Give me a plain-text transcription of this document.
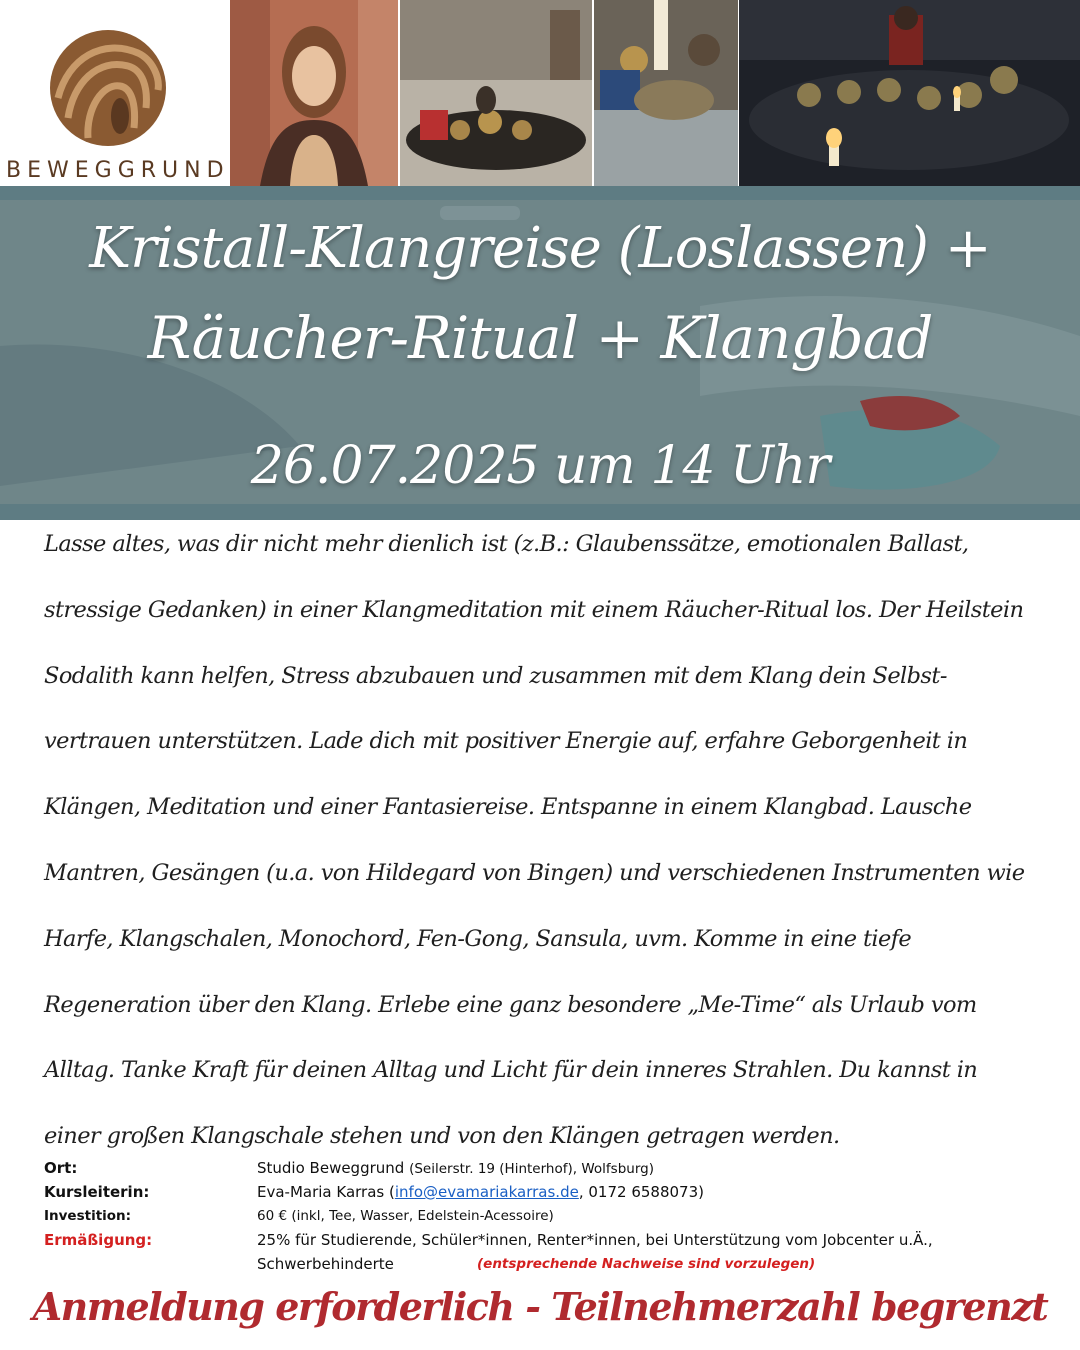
BEWEGGRUND
Kristall-Klangreise (Loslassen) +
Räucher-Ritual + Klangbad
26.07.2025 um 14 Uhr
Lasse altes, was dir nicht mehr dienlich ist (z.B.: Glaubenssätze, emotionalen Ballast,
stressige Gedanken) in einer Klangmeditation mit einem Räucher-Ritual los. Der Heilstein
Sodalith kann helfen, Stress abzubauen und zusammen mit dem Klang dein Selbst-
vertrauen unterstützen. Lade dich mit positiver Energie auf, erfahre Geborgenheit in
Klängen, Meditation und einer Fantasiereise. Entspanne in einem Klangbad. Lausche
Mantren, Gesängen (u.a. von Hildegard von Bingen) und verschiedenen Instrumenten wie
Harfe, Klangschalen, Monochord, Fen-Gong, Sansula, uvm. Komme in eine tiefe
Regeneration über den Klang. Erlebe eine ganz besondere „Me-Time“ als Urlaub vom
Alltag. Tanke Kraft für deinen Alltag und Licht für dein inneres Strahlen. Du kannst in
einer großen Klangschale stehen und von den Klängen getragen werden.
Ort:	Studio Beweggrund (Seilerstr. 19 (Hinterhof), Wolfsburg)
Kursleiterin:	Eva-Maria Karras (info@evamariakarras.de, 0172 6588073)
Investition:	60 € (inkl, Tee, Wasser, Edelstein-Acessoire)
Ermäßigung:	25% für Studierende, Schüler*innen, Renter*innen, bei Unterstützung vom Jobcenter u.Ä.,
Schwerbehinderte	(entsprechende Nachweise sind vorzulegen)
Anmeldung erforderlich - Teilnehmerzahl begrenzt
